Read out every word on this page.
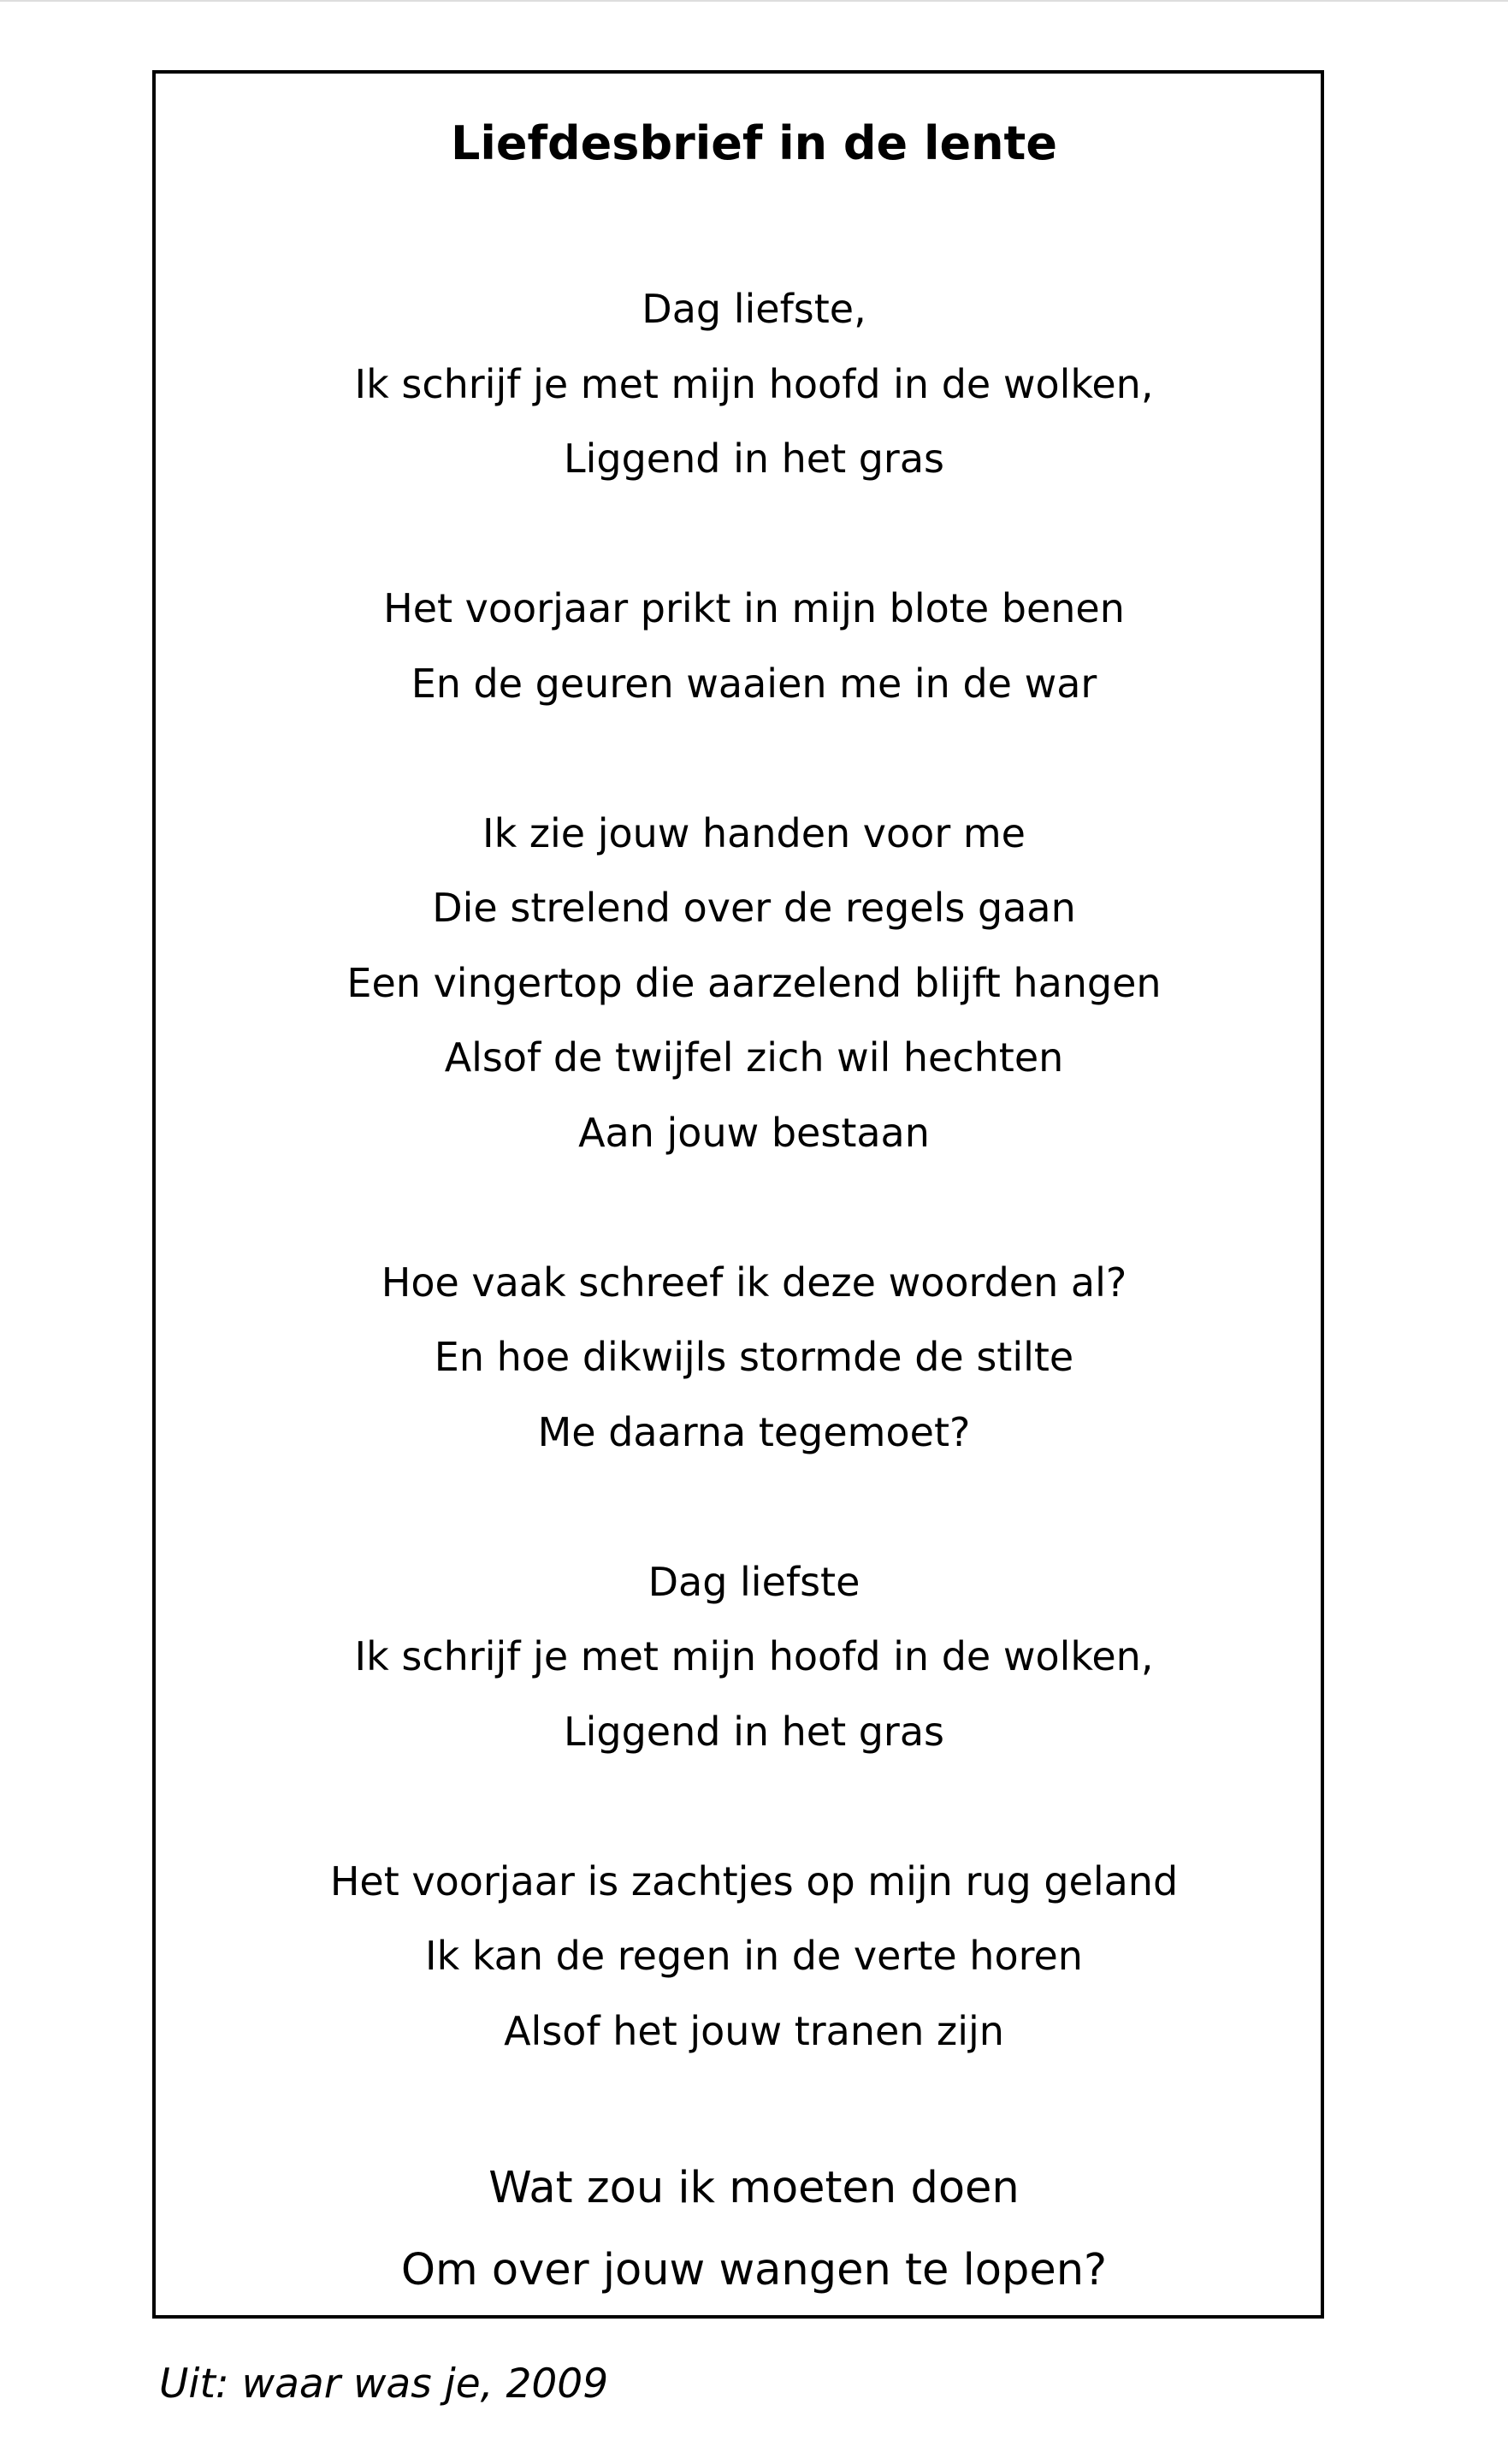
Liefdesbrief in de lente
Dag liefste,
Ik schrijf je met mijn hoofd in de wolken,
Liggend in het gras
Het voorjaar prikt in mijn blote benen
En de geuren waaien me in de war
Ik zie jouw handen voor me
Die strelend over de regels gaan
Een vingertop die aarzelend blijft hangen
Alsof de twijfel zich wil hechten
Aan jouw bestaan
Hoe vaak schreef ik deze woorden al?
En hoe dikwijls stormde de stilte
Me daarna tegemoet?
Dag liefste
Ik schrijf je met mijn hoofd in de wolken,
Liggend in het gras
Het voorjaar is zachtjes op mijn rug geland
Ik kan de regen in de verte horen
Alsof het jouw tranen zijn
Wat zou ik moeten doen
Om over jouw wangen te lopen?
Uit: waar was je, 2009
